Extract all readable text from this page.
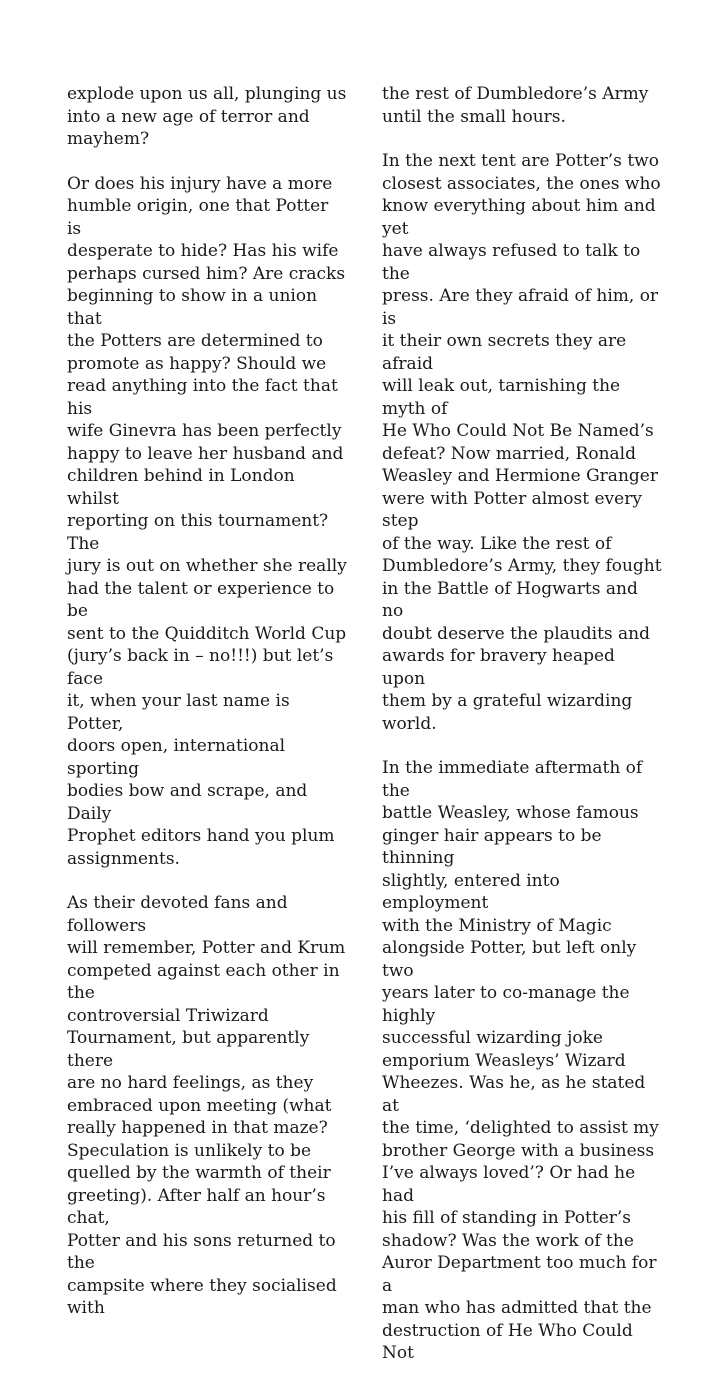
explode upon us all, plunging us
into a new age of terror and
mayhem?

Or does his injury have a more
humble origin, one that Potter is
desperate to hide? Has his wife
perhaps cursed him? Are cracks
beginning to show in a union that
the Potters are determined to
promote as happy? Should we
read anything into the fact that his
wife Ginevra has been perfectly
happy to leave her husband and
children behind in London whilst
reporting on this tournament? The
jury is out on whether she really
had the talent or experience to be
sent to the Quidditch World Cup
(jury’s back in – no!!!) but let’s face
it, when your last name is Potter,
doors open, international sporting
bodies bow and scrape, and Daily
Prophet editors hand you plum
assignments.

As their devoted fans and followers
will remember, Potter and Krum
competed against each other in the
controversial Triwizard
Tournament, but apparently there
are no hard feelings, as they
embraced upon meeting (what
really happened in that maze?
Speculation is unlikely to be
quelled by the warmth of their
greeting). After half an hour’s chat,
Potter and his sons returned to the
campsite where they socialised with

the rest of Dumbledore’s Army
until the small hours.

In the next tent are Potter’s two
closest associates, the ones who
know everything about him and yet
have always refused to talk to the
press. Are they afraid of him, or is
it their own secrets they are afraid
will leak out, tarnishing the myth of
He Who Could Not Be Named’s
defeat? Now married, Ronald
Weasley and Hermione Granger
were with Potter almost every step
of the way. Like the rest of
Dumbledore’s Army, they fought
in the Battle of Hogwarts and no
doubt deserve the plaudits and
awards for bravery heaped upon
them by a grateful wizarding world.

In the immediate aftermath of the
battle Weasley, whose famous
ginger hair appears to be thinning
slightly, entered into employment
with the Ministry of Magic
alongside Potter, but left only two
years later to co-manage the highly
successful wizarding joke
emporium Weasleys’ Wizard
Wheezes. Was he, as he stated at
the time, ‘delighted to assist my
brother George with a business
I’ve always loved’? Or had he had
his fill of standing in Potter’s
shadow? Was the work of the
Auror Department too much for a
man who has admitted that the
destruction of He Who Could Not
